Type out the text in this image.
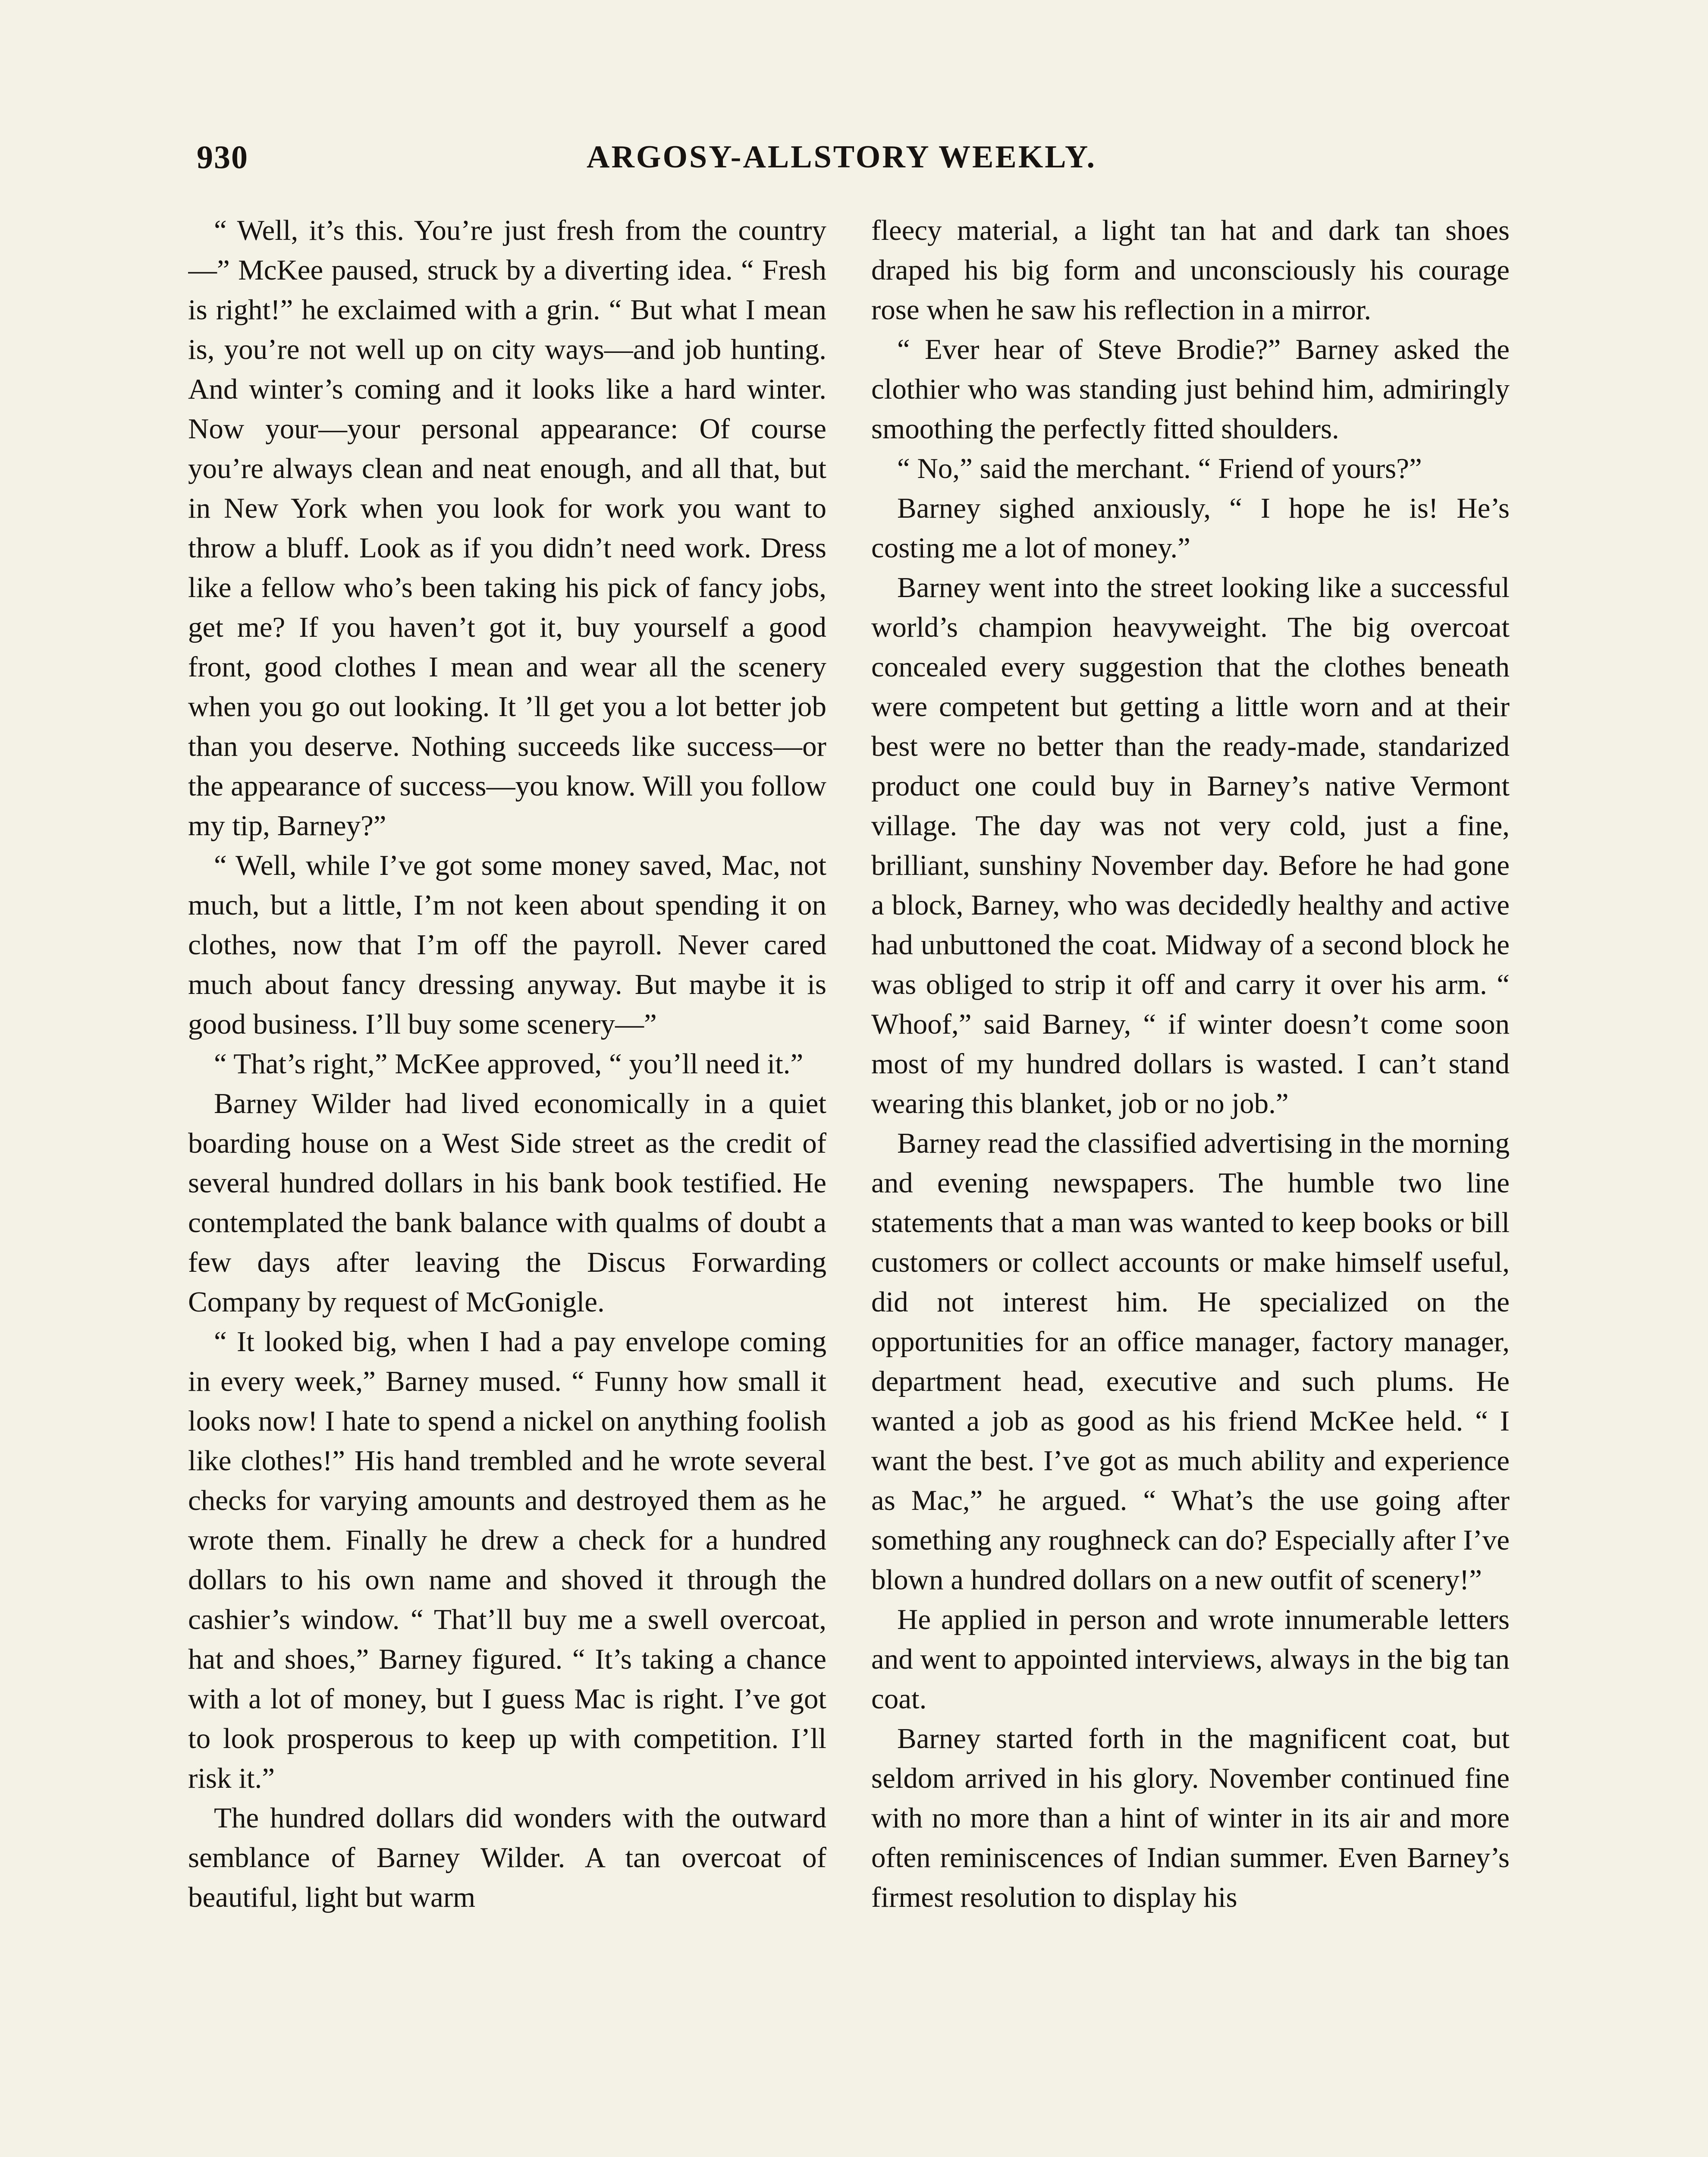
930	ARGOSY-ALLSTORY WEEKLY.

“ Well, it’s this. You’re just fresh from the country—” McKee paused, struck by a diverting idea. “ Fresh is right!” he exclaimed with a grin. “ But what I mean is, you’re not well up on city ways—and job hunting. And winter’s coming and it looks like a hard winter. Now your—your personal appearance: Of course you’re always clean and neat enough, and all that, but in New York when you look for work you want to throw a bluff. Look as if you didn’t need work. Dress like a fellow who’s been taking his pick of fancy jobs, get me? If you haven’t got it, buy yourself a good front, good clothes I mean and wear all the scenery when you go out looking. It ’ll get you a lot better job than you deserve. Nothing succeeds like success—or the appearance of success—you know. Will you follow my tip, Barney?”

“ Well, while I’ve got some money saved, Mac, not much, but a little, I’m not keen about spending it on clothes, now that I’m off the payroll. Never cared much about fancy dressing anyway. But maybe it is good business. I’ll buy some scenery—”

“ That’s right,” McKee approved, “ you’ll need it.”

Barney Wilder had lived economically in a quiet boarding house on a West Side street as the credit of several hundred dollars in his bank book testified. He contemplated the bank balance with qualms of doubt a few days after leaving the Discus Forwarding Company by request of McGonigle.

“ It looked big, when I had a pay envelope coming in every week,” Barney mused. “ Funny how small it looks now! I hate to spend a nickel on anything foolish like clothes!” His hand trembled and he wrote several checks for varying amounts and destroyed them as he wrote them. Finally he drew a check for a hundred dollars to his own name and shoved it through the cashier’s window. “ That’ll buy me a swell overcoat, hat and shoes,” Barney figured. “ It’s taking a chance with a lot of money, but I guess Mac is right. I’ve got to look prosperous to keep up with competition. I’ll risk it.”

The hundred dollars did wonders with the outward semblance of Barney Wilder. A tan overcoat of beautiful, light but warm

fleecy material, a light tan hat and dark tan shoes draped his big form and unconsciously his courage rose when he saw his reflection in a mirror.

“ Ever hear of Steve Brodie?” Barney asked the clothier who was standing just behind him, admiringly smoothing the perfectly fitted shoulders.

“ No,” said the merchant. “ Friend of yours?”

Barney sighed anxiously, “ I hope he is! He’s costing me a lot of money.”

Barney went into the street looking like a successful world’s champion heavyweight. The big overcoat concealed every suggestion that the clothes beneath were competent but getting a little worn and at their best were no better than the ready-made, standarized product one could buy in Barney’s native Vermont village. The day was not very cold, just a fine, brilliant, sunshiny November day. Before he had gone a block, Barney, who was decidedly healthy and active had unbuttoned the coat. Midway of a second block he was obliged to strip it off and carry it over his arm. “ Whoof,” said Barney, “ if winter doesn’t come soon most of my hundred dollars is wasted. I can’t stand wearing this blanket, job or no job.”

Barney read the classified advertising in the morning and evening newspapers. The humble two line statements that a man was wanted to keep books or bill customers or collect accounts or make himself useful, did not interest him. He specialized on the opportunities for an office manager, factory manager, department head, executive and such plums. He wanted a job as good as his friend McKee held. “ I want the best. I’ve got as much ability and experience as Mac,” he argued. “ What’s the use going after something any roughneck can do? Especially after I’ve blown a hundred dollars on a new outfit of scenery!”

He applied in person and wrote innumerable letters and went to appointed interviews, always in the big tan coat.

Barney started forth in the magnificent coat, but seldom arrived in his glory. November continued fine with no more than a hint of winter in its air and more often reminiscences of Indian summer. Even Barney’s firmest resolution to display his
